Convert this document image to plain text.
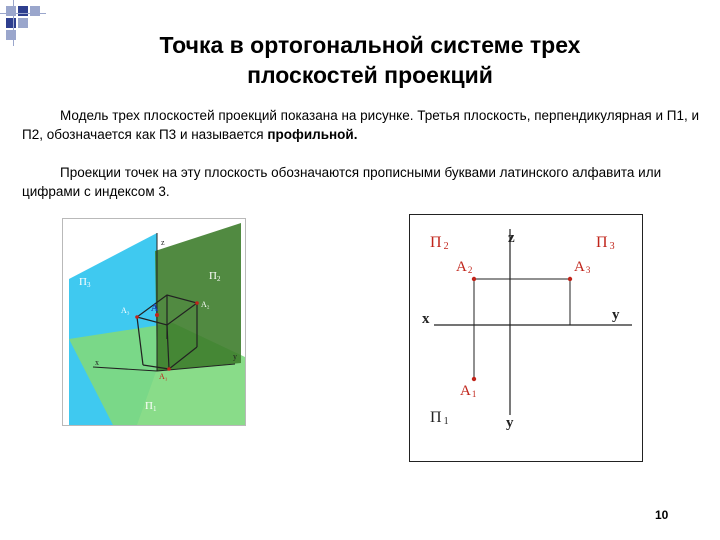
Точка в ортогональной системе трех
плоскостей проекций
Модель трех плоскостей проекций показана на рисунке. Третья плоскость, перпендикулярная и П1, и П2, обозначается как П3 и называется профильной.
Проекции точек на эту плоскость обозначаются прописными буквами латинского алфавита или цифрами с индексом 3.
П3
П2
П1
A
A₃
A₂
A₁
z
x
y
П 2	П 3
A2	A3
A1
П 1
z
x	y
y
10
